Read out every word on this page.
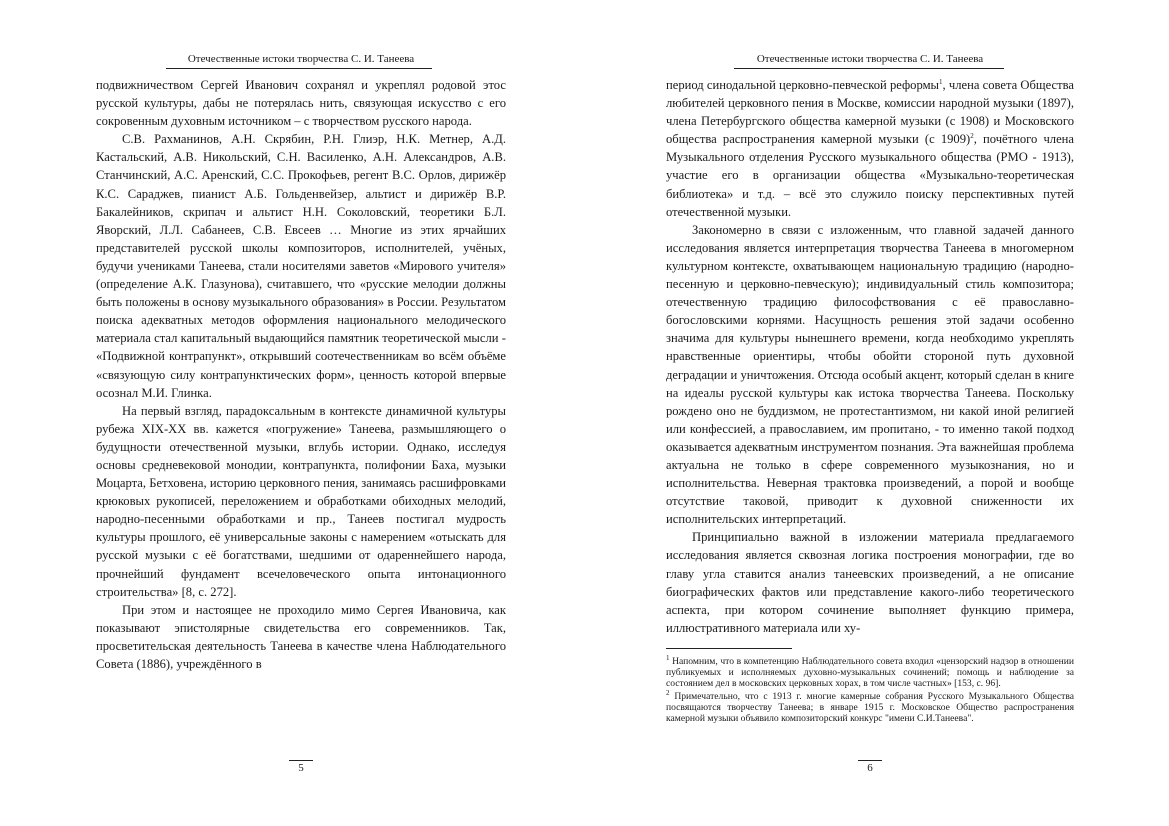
Отечественные истоки творчества С. И. Танеева

подвижничеством Сергей Иванович сохранял и укреплял родовой этос русской культуры, дабы не потерялась нить, связующая искусство с его сокровенным духовным источником – с творчеством русского народа.

С.В. Рахманинов, А.Н. Скрябин, Р.Н. Глиэр, Н.К. Метнер, А.Д. Кастальский, А.В. Никольский, С.Н. Василенко, А.Н. Александров, А.В. Станчинский, А.С. Аренский, С.С. Прокофьев, регент В.С. Орлов, дирижёр К.С. Сараджев, пианист А.Б. Гольденвейзер, альтист и дирижёр В.Р. Бакалейников, скрипач и альтист Н.Н. Соколовский, теоретики Б.Л. Яворский, Л.Л. Сабанеев, С.В. Евсеев … Многие из этих ярчайших представителей русской школы композиторов, исполнителей, учёных, будучи учениками Танеева, стали носителями заветов «Мирового учителя» (определение А.К. Глазунова), считавшего, что «русские мелодии должны быть положены в основу музыкального образования» в России. Результатом поиска адекватных методов оформления национального мелодического материала стал капитальный выдающийся памятник теоретической мысли - «Подвижной контрапункт», открывший соотечественникам во всём объёме «связующую силу контрапунктических форм», ценность которой впервые осознал М.И. Глинка.

На первый взгляд, парадоксальным в контексте динамичной культуры рубежа XIX-XX вв. кажется «погружение» Танеева, размышляющего о будущности отечественной музыки, вглубь истории. Однако, исследуя основы средневековой монодии, контрапункта, полифонии Баха, музыки Моцарта, Бетховена, историю церковного пения, занимаясь расшифровками крюковых рукописей, переложением и обработками обиходных мелодий, народно-песенными обработками и пр., Танеев постигал мудрость культуры прошлого, её универсальные законы с намерением «отыскать для русской музыки с её богатствами, шедшими от одареннейшего народа, прочнейший фундамент всечеловеческого опыта интонационного строительства» [8, с. 272].

При этом и настоящее не проходило мимо Сергея Ивановича, как показывают эпистолярные свидетельства его современников. Так, просветительская деятельность Танеева в качестве члена Наблюдательного Совета (1886), учреждённого в

5
Отечественные истоки творчества С. И. Танеева

период синодальной церковно-певческой реформы$^1$, члена совета Общества любителей церковного пения в Москве, комиссии народной музыки (1897), члена Петербургского общества камерной музыки (с 1908) и Московского общества распространения камерной музыки (с 1909)$^2$, почётного члена Музыкального отделения Русского музыкального общества (РМО - 1913), участие его в организации общества «Музыкально-теоретическая библиотека» и т.д. – всё это служило поиску перспективных путей отечественной музыки.

Закономерно в связи с изложенным, что главной задачей данного исследования является интерпретация творчества Танеева в многомерном культурном контексте, охватывающем национальную традицию (народно-песенную и церковно-певческую); индивидуальный стиль композитора; отечественную традицию философствования с её православно-богословскими корнями. Насущность решения этой задачи особенно значима для культуры нынешнего времени, когда необходимо укреплять нравственные ориентиры, чтобы обойти стороной путь духовной деградации и уничтожения. Отсюда особый акцент, который сделан в книге на идеалы русской культуры как истока творчества Танеева. Поскольку рождено оно не буддизмом, не протестантизмом, ни какой иной религией или конфессией, а православием, им пропитано, - то именно такой подход оказывается адекватным инструментом познания. Эта важнейшая проблема актуальна не только в сфере современного музыкознания, но и исполнительства. Неверная трактовка произведений, а порой и вообще отсутствие таковой, приводит к духовной сниженности их исполнительских интерпретаций.

Принципиально важной в изложении материала предлагаемого исследования является сквозная логика построения монографии, где во главу угла ставится анализ танеевских произведений, а не описание биографических фактов или представление какого-либо теоретического аспекта, при котором сочинение выполняет функцию примера, иллюстративного материала или ху-

$^1$ Напомним, что в компетенцию Наблюдательного совета входил «цензорский надзор в отношении публикуемых и исполняемых духовно-музыкальных сочинений; помощь и наблюдение за состоянием дел в московских церковных хорах, в том числе частных» [153, с. 96].

$^2$ Примечательно, что с 1913 г. многие камерные собрания Русского Музыкального Общества посвящаются творчеству Танеева; в январе 1915 г. Московское Общество распространения камерной музыки объявило композиторский конкурс "имени С.И.Танеева".

6
